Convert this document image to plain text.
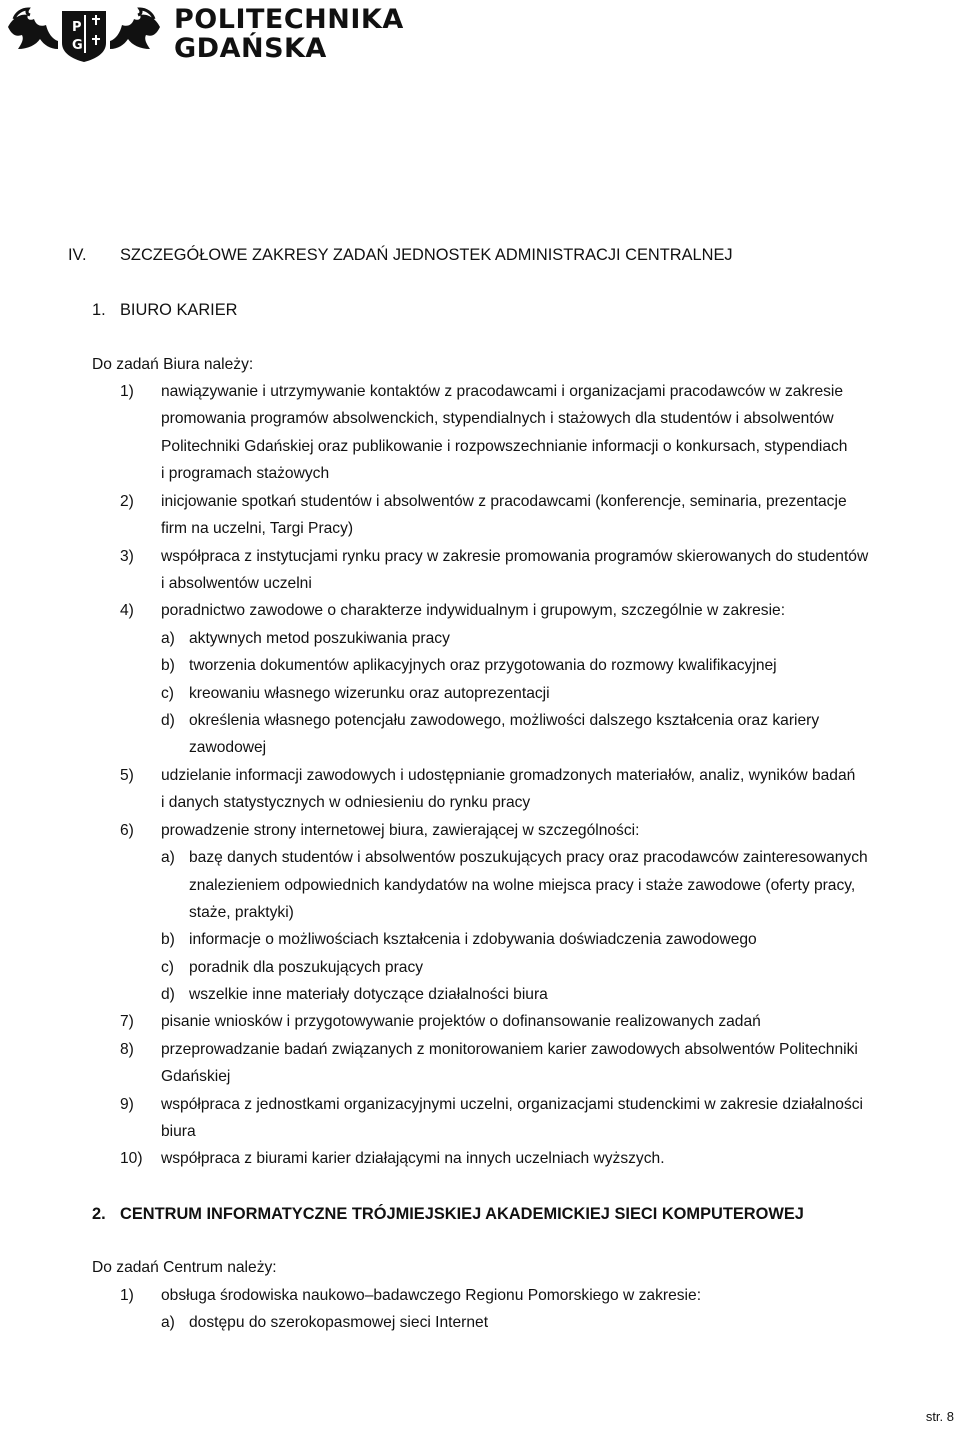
P
G
POLITECHNIKA
GDAŃSKA
IV. SZCZEGÓŁOWE ZAKRESY ZADAŃ JEDNOSTEK ADMINISTRACJI CENTRALNEJ
1. BIURO KARIER
Do zadań Biura należy:
1) nawiązywanie i utrzymywanie kontaktów z pracodawcami i organizacjami pracodawców w zakresie
promowania programów absolwenckich, stypendialnych i stażowych dla studentów i absolwentów
Politechniki Gdańskiej oraz publikowanie i rozpowszechnianie informacji o konkursach, stypendiach
i programach stażowych
2) inicjowanie spotkań studentów i absolwentów z pracodawcami (konferencje, seminaria, prezentacje
firm na uczelni, Targi Pracy)
3) współpraca z instytucjami rynku pracy w zakresie promowania programów skierowanych do studentów
i absolwentów uczelni
4) poradnictwo zawodowe o charakterze indywidualnym i grupowym, szczególnie w zakresie:
a) aktywnych metod poszukiwania pracy
b) tworzenia dokumentów aplikacyjnych oraz przygotowania do rozmowy kwalifikacyjnej
c) kreowaniu własnego wizerunku oraz autoprezentacji
d) określenia własnego potencjału zawodowego, możliwości dalszego kształcenia oraz kariery
zawodowej
5) udzielanie informacji zawodowych i udostępnianie gromadzonych materiałów, analiz, wyników badań
i danych statystycznych w odniesieniu do rynku pracy
6) prowadzenie strony internetowej biura, zawierającej w szczególności:
a) bazę danych studentów i absolwentów poszukujących pracy oraz pracodawców zainteresowanych
znalezieniem odpowiednich kandydatów na wolne miejsca pracy i staże zawodowe (oferty pracy,
staże, praktyki)
b) informacje o możliwościach kształcenia i zdobywania doświadczenia zawodowego
c) poradnik dla poszukujących pracy
d) wszelkie inne materiały dotyczące działalności biura
7) pisanie wniosków i przygotowywanie projektów o dofinansowanie realizowanych zadań
8) przeprowadzanie badań związanych z monitorowaniem karier zawodowych absolwentów Politechniki
Gdańskiej
9) współpraca z jednostkami organizacyjnymi uczelni, organizacjami studenckimi w zakresie działalności
biura
10) współpraca z biurami karier działającymi na innych uczelniach wyższych.
2. CENTRUM INFORMATYCZNE TRÓJMIEJSKIEJ AKADEMICKIEJ SIECI KOMPUTEROWEJ
Do zadań Centrum należy:
1) obsługa środowiska naukowo–badawczego Regionu Pomorskiego w zakresie:
a) dostępu do szerokopasmowej sieci Internet
str. 8
